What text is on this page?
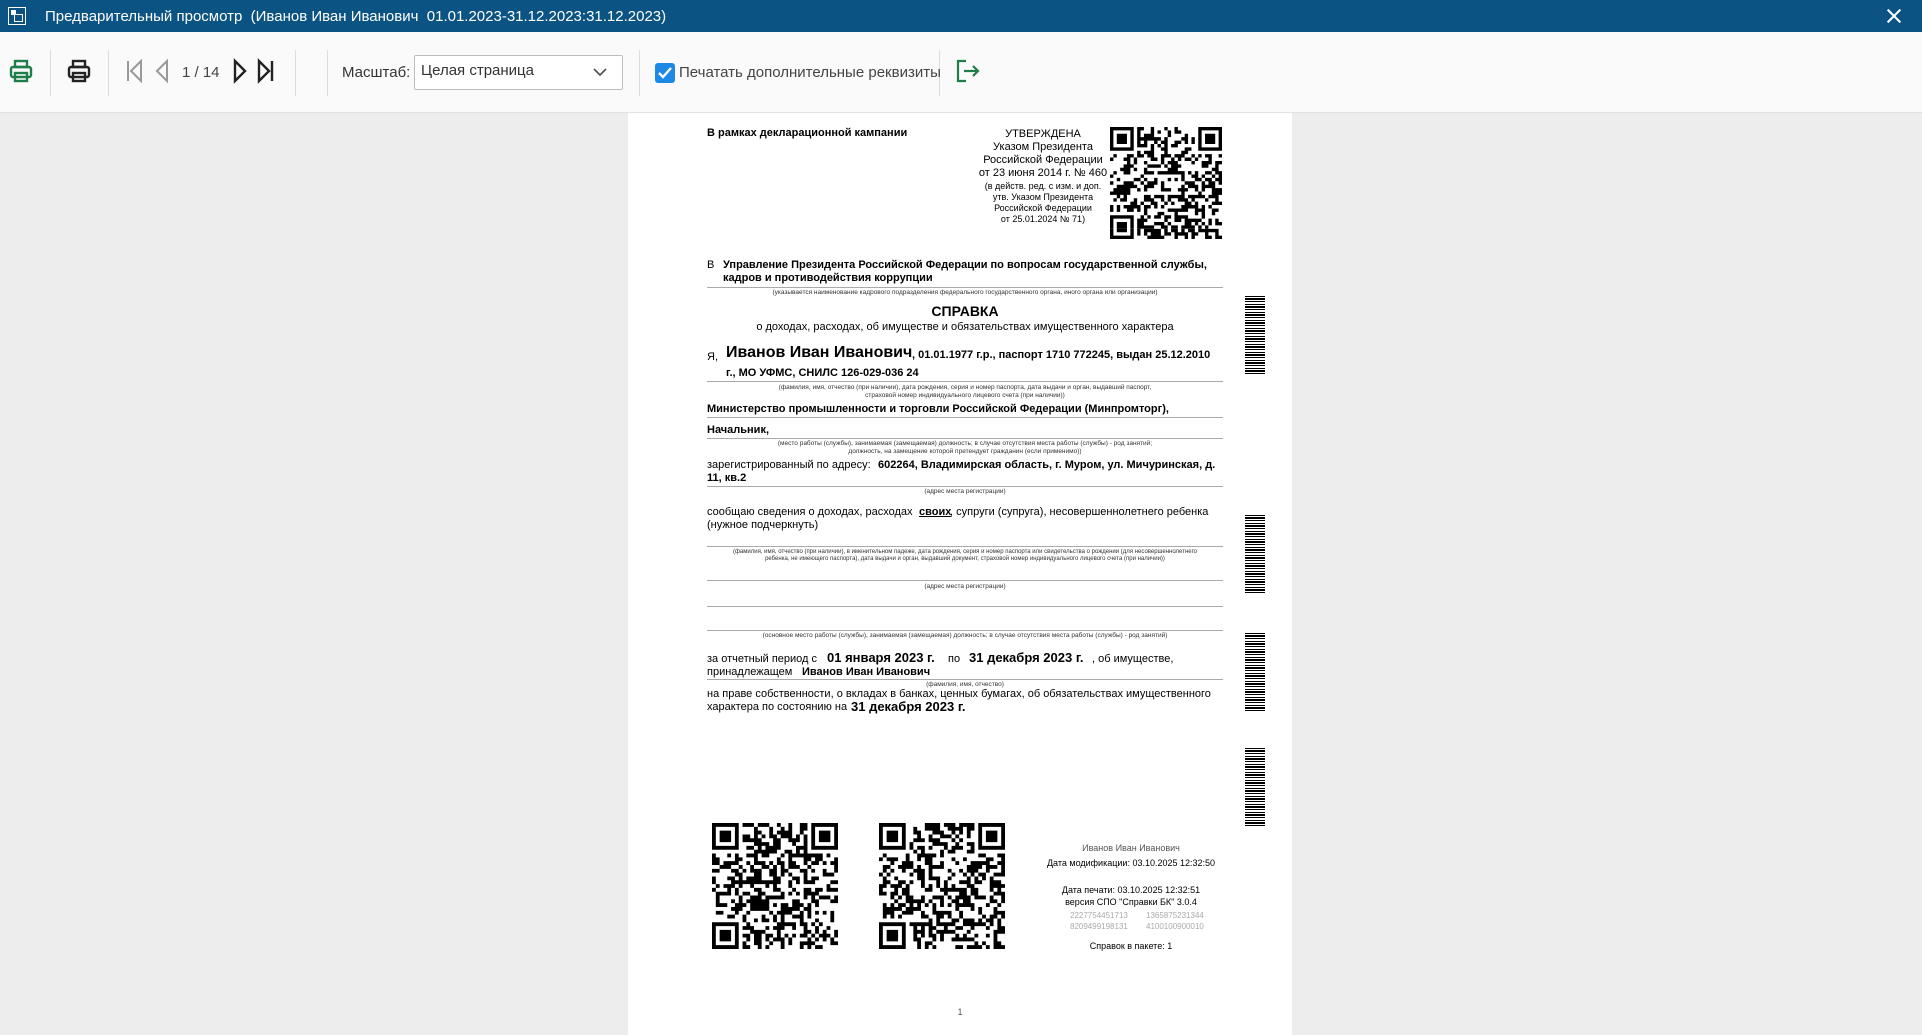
Предварительный просмотр  (Иванов Иван Иванович  01.01.2023-31.12.2023:31.12.2023)
1 / 14	Масштаб: Целая страница	Печатать дополнительные реквизиты
В рамках декларационной кампании	УТВЕРЖДЕНА
Указом Президента
Российской Федерации
от 23 июня 2014 г. № 460
(в действ. ред. с изм. и доп.
утв. Указом Президента
Российской Федерации
от 25.01.2024 № 71)
В Управление Президента Российской Федерации по вопросам государственной службы,
кадров и противодействия коррупции
(указывается наименование кадрового подразделения федерального государственного органа, иного органа или организации)
СПРАВКА
о доходах, расходах, об имуществе и обязательствах имущественного характера
Я, Иванов Иван Иванович , 01.01.1977 г.р., паспорт 1710 772245, выдан 25.12.2010
г., МО УФМС, СНИЛС 126-029-036 24
(фамилия, имя, отчество (при наличии), дата рождения, серия и номер паспорта, дата выдачи и орган, выдавший паспорт,
страховой номер индивидуального лицевого счета (при наличии))
Министерство промышленности и торговли Российской Федерации (Минпромторг),
Начальник,
(место работы (службы), занимаемая (замещаемая) должность; в случае отсутствия места работы (службы) - род занятий;
должность, на замещение которой претендует гражданин (если применимо))
зарегистрированный по адресу: 602264, Владимирская область, г. Муром, ул. Мичуринская, д.
11, кв.2
(адрес места регистрации)
сообщаю сведения о доходах, расходах своих
, супруги (супруга), несовершеннолетнего ребенка
(нужное подчеркнуть)
(фамилия, имя, отчество (при наличии), в именительном падеже, дата рождения, серия и номер паспорта или свидетельства о рождении (для несовершеннолетнего
ребенка, не имеющего паспорта), дата выдачи и орган, выдавший документ, страховой номер индивидуального лицевого счета (при наличии))
(адрес места регистрации)
(основное место работы (службы), занимаемая (замещаемая) должность; в случае отсутствия места работы (службы) - род занятий)
за отчетный период с 01 января 2023 г. по 31 декабря 2023 г. , об имуществе,
принадлежащем Иванов Иван Иванович
(фамилия, имя, отчество)
на праве собственности, о вкладах в банках, ценных бумагах, об обязательствах имущественного
характера по состоянию на 31 декабря 2023 г.
Иванов Иван Иванович
Дата модификации: 03.10.2025 12:32:50
Дата печати: 03.10.2025 12:32:51
версия СПО "Справки БК" 3.0.4
2227754451713 1365875231344
8209499198131 4100100900010
Справок в пакете: 1
1
